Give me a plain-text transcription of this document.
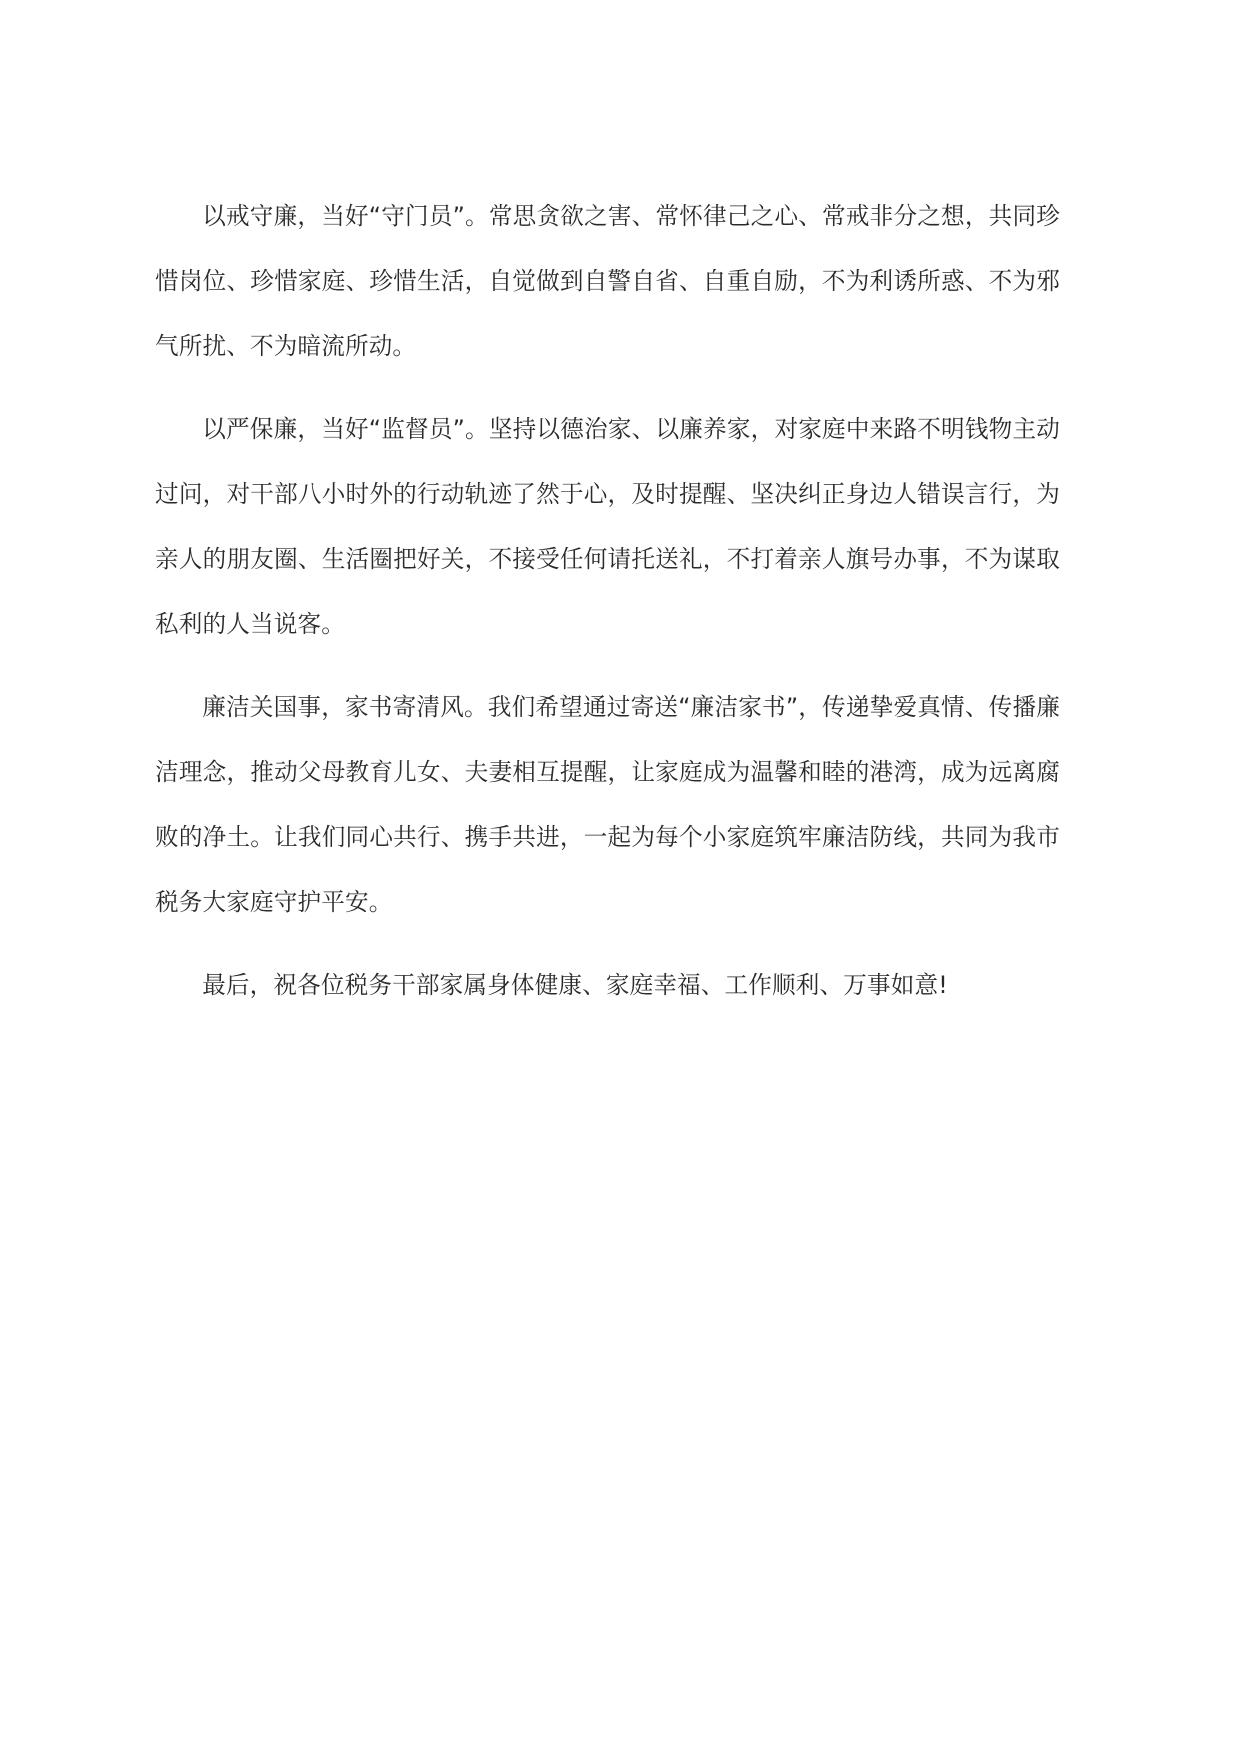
以戒守廉，当好“守门员”。常思贪欲之害、常怀律己之心、常戒非分之想，共同珍惜岗位、珍惜家庭、珍惜生活，自觉做到自警自省、自重自励，不为利诱所惑、不为邪气所扰、不为暗流所动。

以严保廉，当好“监督员”。坚持以德治家、以廉养家，对家庭中来路不明钱物主动过问，对干部八小时外的行动轨迹了然于心，及时提醒、坚决纠正身边人错误言行，为亲人的朋友圈、生活圈把好关，不接受任何请托送礼，不打着亲人旗号办事，不为谋取私利的人当说客。

廉洁关国事，家书寄清风。我们希望通过寄送“廉洁家书”，传递挚爱真情、传播廉洁理念，推动父母教育儿女、夫妻相互提醒，让家庭成为温馨和睦的港湾，成为远离腐败的净土。让我们同心共行、携手共进，一起为每个小家庭筑牢廉洁防线，共同为我市税务大家庭守护平安。

最后，祝各位税务干部家属身体健康、家庭幸福、工作顺利、万事如意!
